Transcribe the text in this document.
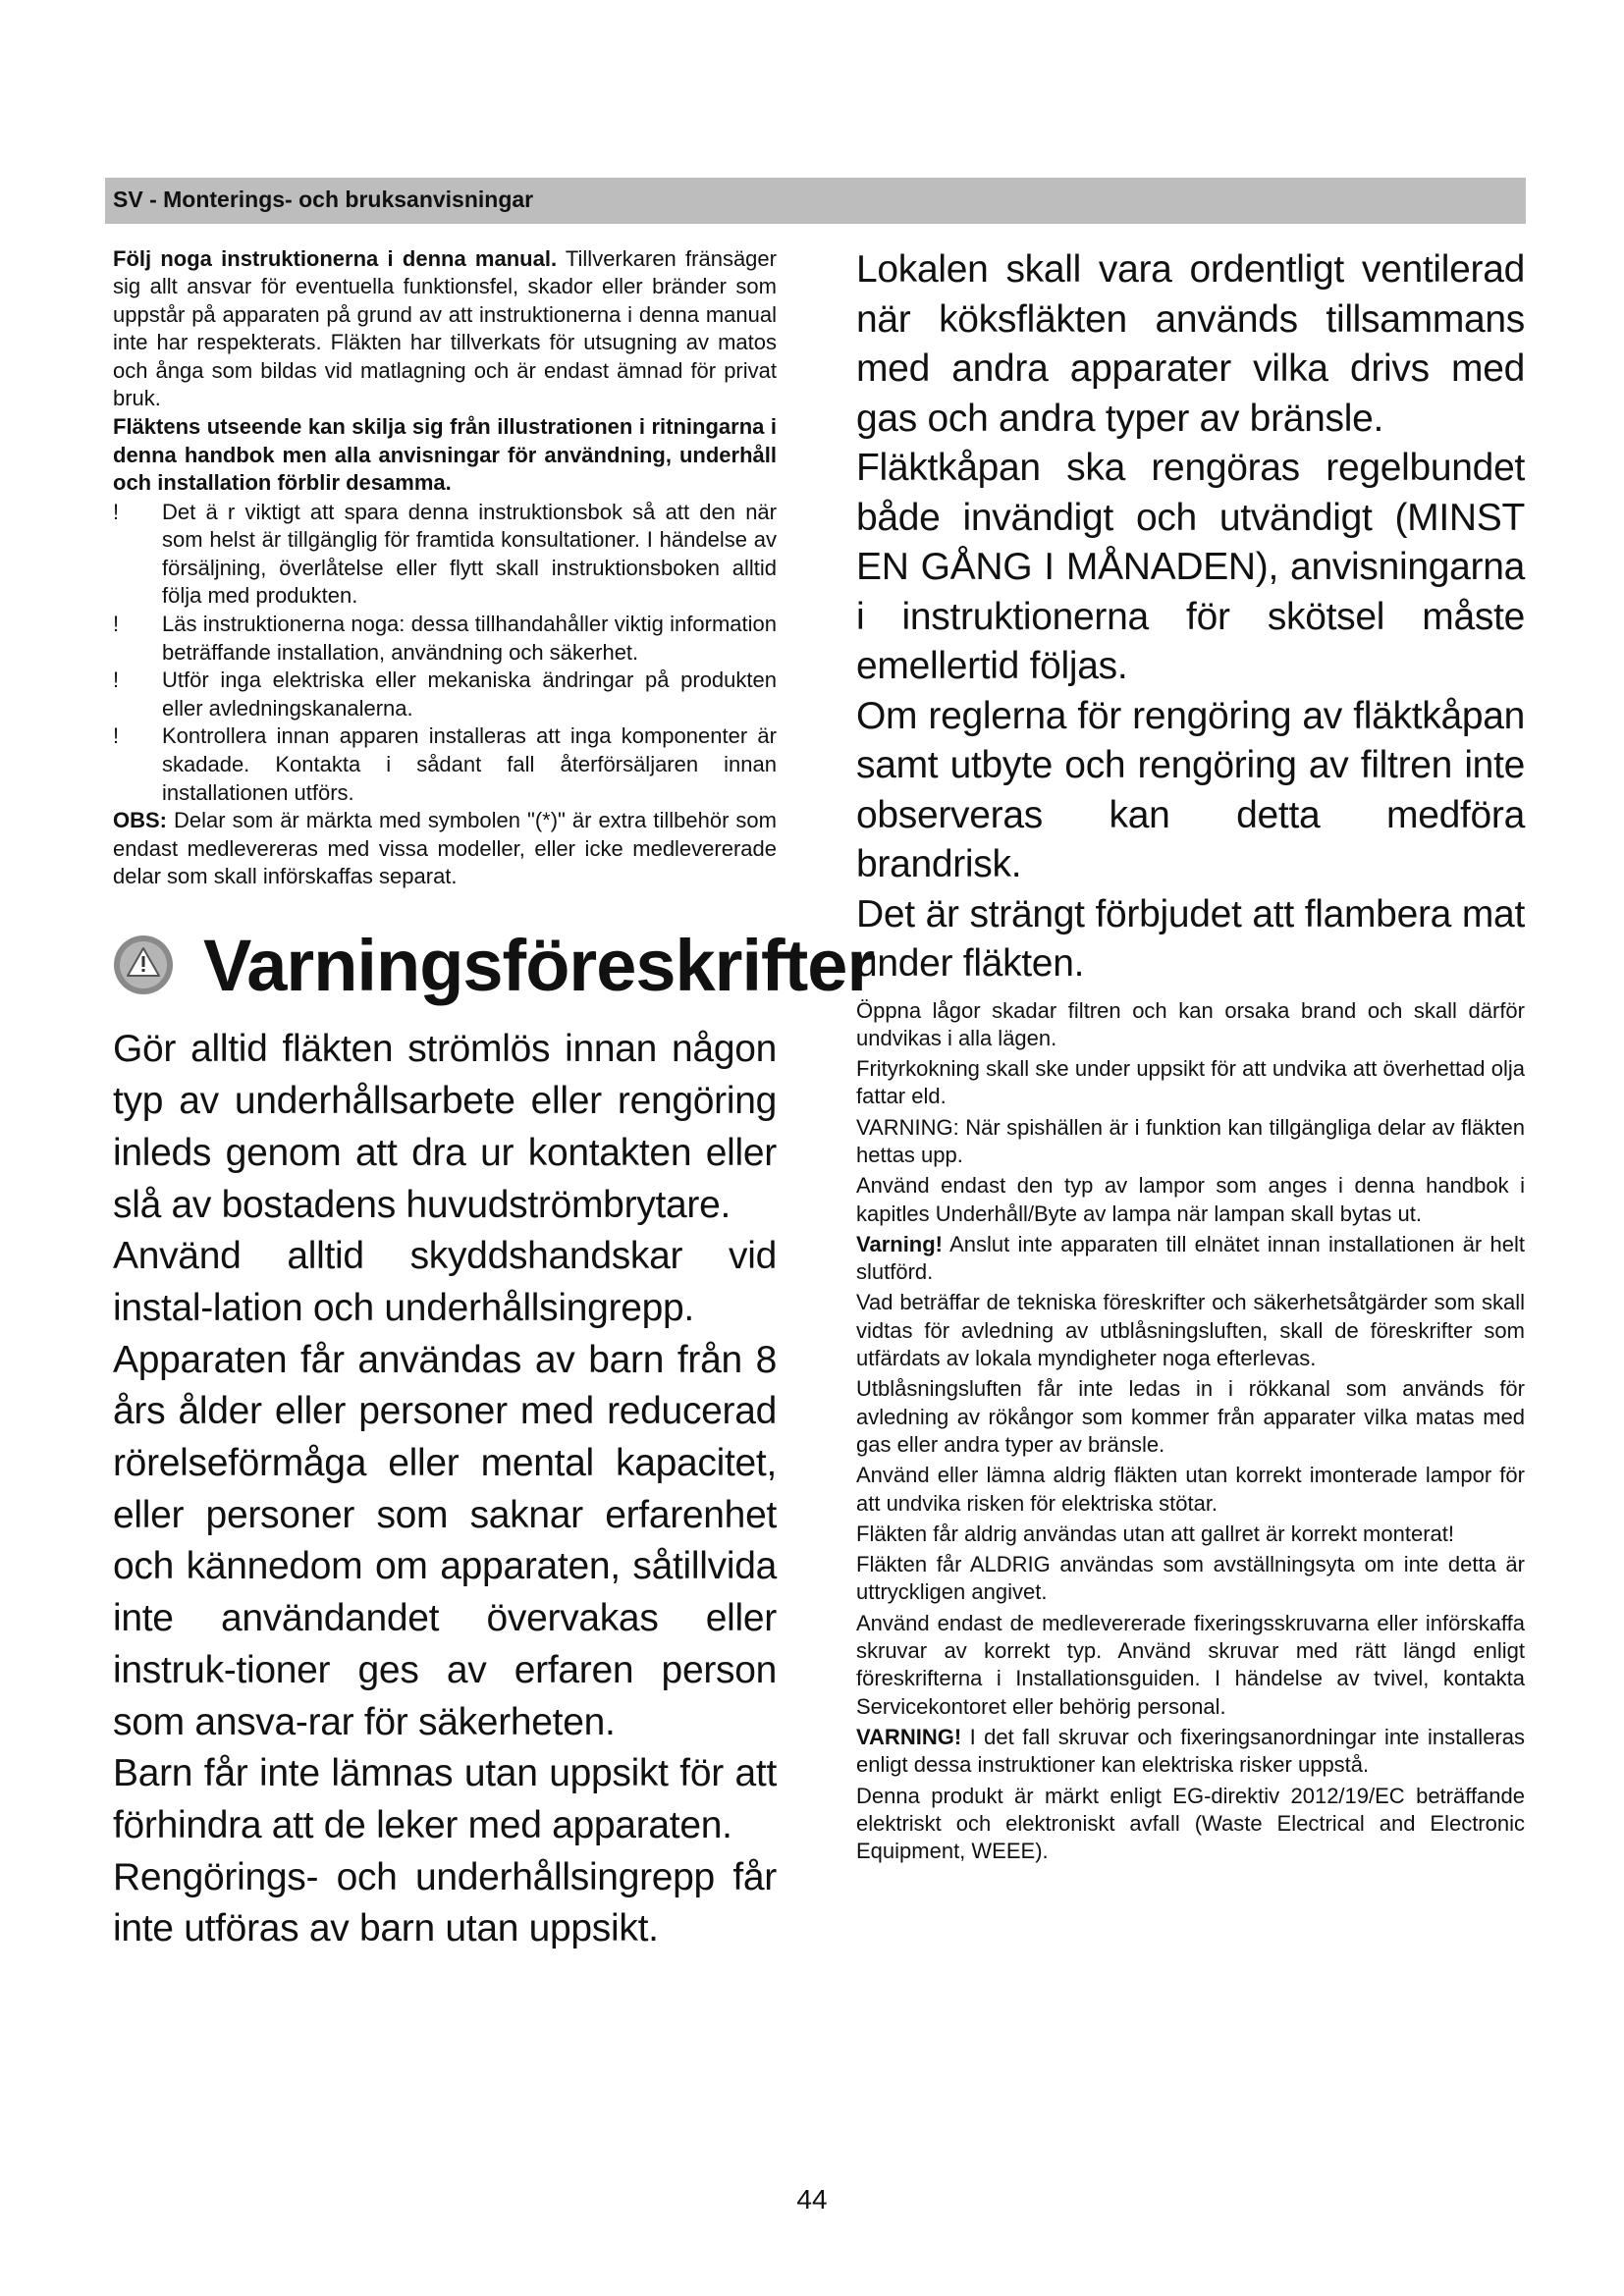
SV - Monterings- och bruksanvisningar

Följ noga instruktionerna i denna manual. Tillverkaren fränsäger sig allt ansvar för eventuella funktionsfel, skador eller bränder som uppstår på apparaten på grund av att instruktionerna i denna manual inte har respekterats. Fläkten har tillverkats för utsugning av matos och ånga som bildas vid matlagning och är endast ämnad för privat bruk.

Fläktens utseende kan skilja sig från illustrationen i ritningarna i denna handbok men alla anvisningar för användning, underhåll och installation förblir desamma.

! Det ä r viktigt att spara denna instruktionsbok så att den när som helst är tillgänglig för framtida konsultationer. I händelse av försäljning, överlåtelse eller flytt skall instruktionsboken alltid följa med produkten.
! Läs instruktionerna noga: dessa tillhandahåller viktig information beträffande installation, användning och säkerhet.
! Utför inga elektriska eller mekaniska ändringar på produkten eller avledningskanalerna.
! Kontrollera innan apparen installeras att inga komponenter är skadade. Kontakta i sådant fall återförsäljaren innan installationen utförs.

OBS: Delar som är märkta med symbolen "(*)" är extra tillbehör som endast medlevereras med vissa modeller, eller icke medlevererade delar som skall införskaffas separat.

Varningsföreskrifter

Gör alltid fläkten strömlös innan någon typ av underhållsarbete eller rengöring inleds genom att dra ur kontakten eller slå av bostadens huvudströmbrytare.

Använd alltid skyddshandskar vid instal-lation och underhållsingrepp.

Apparaten får användas av barn från 8 års ålder eller personer med reducerad rörelseförmåga eller mental kapacitet, eller personer som saknar erfarenhet och kännedom om apparaten, såtillvida inte användandet övervakas eller instruk-tioner ges av erfaren person som ansva-rar för säkerheten.

Barn får inte lämnas utan uppsikt för att förhindra att de leker med apparaten.

Rengörings- och underhållsingrepp får inte utföras av barn utan uppsikt.

Lokalen skall vara ordentligt ventilerad när köksfläkten används tillsammans med andra apparater vilka drivs med gas och andra typer av bränsle.

Fläktkåpan ska rengöras regelbundet både invändigt och utvändigt (MINST EN GÅNG I MÅNADEN), anvisningarna i instruktionerna för skötsel måste emellertid följas.

Om reglerna för rengöring av fläktkåpan samt utbyte och rengöring av filtren inte observeras kan detta medföra brandrisk.

Det är strängt förbjudet att flambera mat under fläkten.

Öppna lågor skadar filtren och kan orsaka brand och skall därför undvikas i alla lägen.

Frityrkokning skall ske under uppsikt för att undvika att överhettad olja fattar eld.

VARNING: När spishällen är i funktion kan tillgängliga delar av fläkten hettas upp.

Använd endast den typ av lampor som anges i denna handbok i kapitles Underhåll/Byte av lampa när lampan skall bytas ut.

Varning! Anslut inte apparaten till elnätet innan installationen är helt slutförd.

Vad beträffar de tekniska föreskrifter och säkerhetsåtgärder som skall vidtas för avledning av utblåsningsluften, skall de föreskrifter som utfärdats av lokala myndigheter noga efterlevas.

Utblåsningsluften får inte ledas in i rökkanal som används för avledning av rökångor som kommer från apparater vilka matas med gas eller andra typer av bränsle.

Använd eller lämna aldrig fläkten utan korrekt imonterade lampor för att undvika risken för elektriska stötar.

Fläkten får aldrig användas utan att gallret är korrekt monterat!

Fläkten får ALDRIG användas som avställningsyta om inte detta är uttryckligen angivet.

Använd endast de medlevererade fixeringsskruvarna eller införskaffa skruvar av korrekt typ. Använd skruvar med rätt längd enligt föreskrifterna i Installationsguiden. I händelse av tvivel, kontakta Servicekontoret eller behörig personal.

VARNING! I det fall skruvar och fixeringsanordningar inte installeras enligt dessa instruktioner kan elektriska risker uppstå.

Denna produkt är märkt enligt EG-direktiv 2012/19/EC beträffande elektriskt och elektroniskt avfall (Waste Electrical and Electronic Equipment, WEEE).

44
